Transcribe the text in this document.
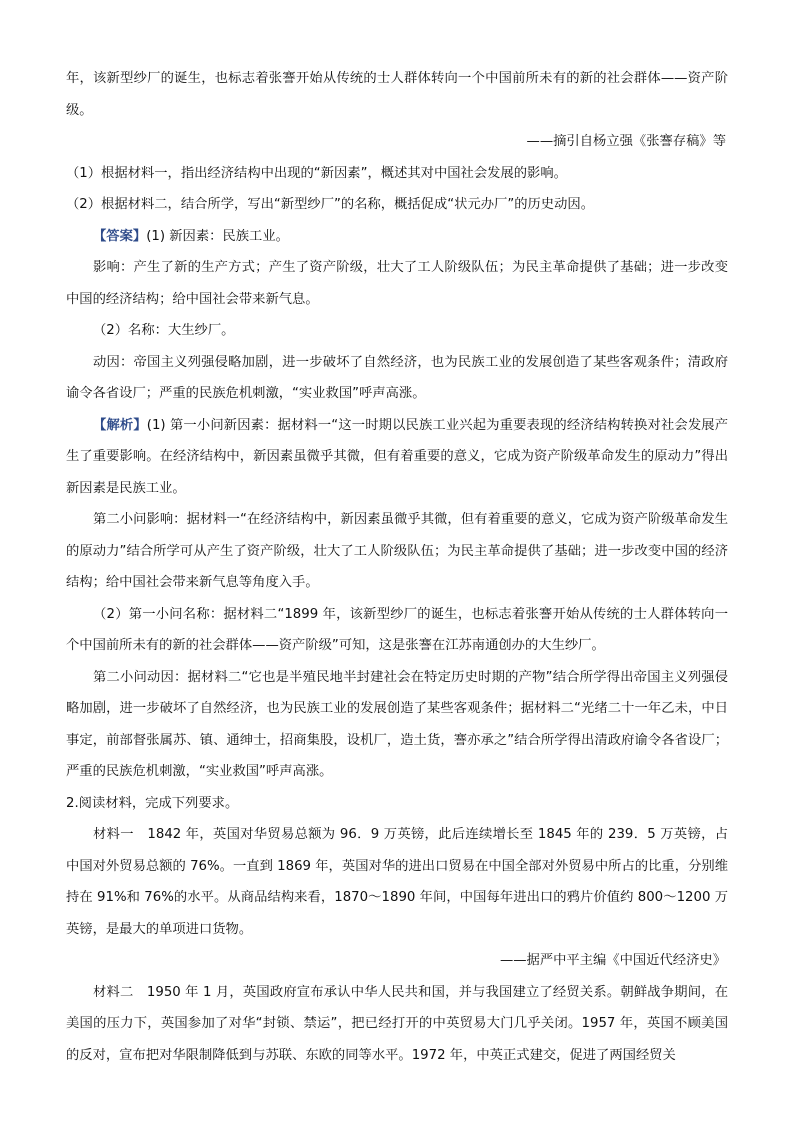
年，该新型纱厂的诞生，也标志着张謇开始从传统的士人群体转向一个中国前所未有的新的社会群体——资产阶级。

——摘引自杨立强《张謇存稿》等

（1）根据材料一，指出经济结构中出现的“新因素”，概述其对中国社会发展的影响。

（2）根据材料二，结合所学，写出“新型纱厂”的名称，概括促成“状元办厂”的历史动因。

【答案】(1) 新因素：民族工业。

影响：产生了新的生产方式；产生了资产阶级，壮大了工人阶级队伍；为民主革命提供了基础；进一步改变中国的经济结构；给中国社会带来新气息。

（2）名称：大生纱厂。

动因：帝国主义列强侵略加剧，进一步破坏了自然经济，也为民族工业的发展创造了某些客观条件；清政府谕令各省设厂；严重的民族危机刺激，“实业救国”呼声高涨。

【解析】(1) 第一小问新因素：据材料一“这一时期以民族工业兴起为重要表现的经济结构转换对社会发展产生了重要影响。在经济结构中，新因素虽微乎其微，但有着重要的意义，它成为资产阶级革命发生的原动力”得出新因素是民族工业。

第二小问影响：据材料一“在经济结构中，新因素虽微乎其微，但有着重要的意义，它成为资产阶级革命发生的原动力”结合所学可从产生了资产阶级，壮大了工人阶级队伍；为民主革命提供了基础；进一步改变中国的经济结构；给中国社会带来新气息等角度入手。

（2）第一小问名称：据材料二“1899 年，该新型纱厂的诞生，也标志着张謇开始从传统的士人群体转向一个中国前所未有的新的社会群体——资产阶级”可知，这是张謇在江苏南通创办的大生纱厂。

第二小问动因：据材料二“它也是半殖民地半封建社会在特定历史时期的产物”结合所学得出帝国主义列强侵略加剧，进一步破坏了自然经济，也为民族工业的发展创造了某些客观条件；据材料二“光绪二十一年乙未，中日事定，前部督张属苏、镇、通绅士，招商集股，设机厂，造土货，謇亦承之”结合所学得出清政府谕令各省设厂；严重的民族危机刺激，“实业救国”呼声高涨。

2.阅读材料，完成下列要求。

材料一　1842 年，英国对华贸易总额为 96．9 万英镑，此后连续增长至 1845 年的 239．5 万英镑，占中国对外贸易总额的 76%。一直到 1869 年，英国对华的进出口贸易在中国全部对外贸易中所占的比重，分别维持在 91%和 76%的水平。从商品结构来看，1870～1890 年间，中国每年进出口的鸦片价值约 800～1200 万英镑，是最大的单项进口货物。

——据严中平主编《中国近代经济史》

材料二　1950 年 1 月，英国政府宣布承认中华人民共和国，并与我国建立了经贸关系。朝鲜战争期间，在美国的压力下，英国参加了对华“封锁、禁运”，把已经打开的中英贸易大门几乎关闭。1957 年，英国不顾美国的反对，宣布把对华限制降低到与苏联、东欧的同等水平。1972 年，中英正式建交，促进了两国经贸关
